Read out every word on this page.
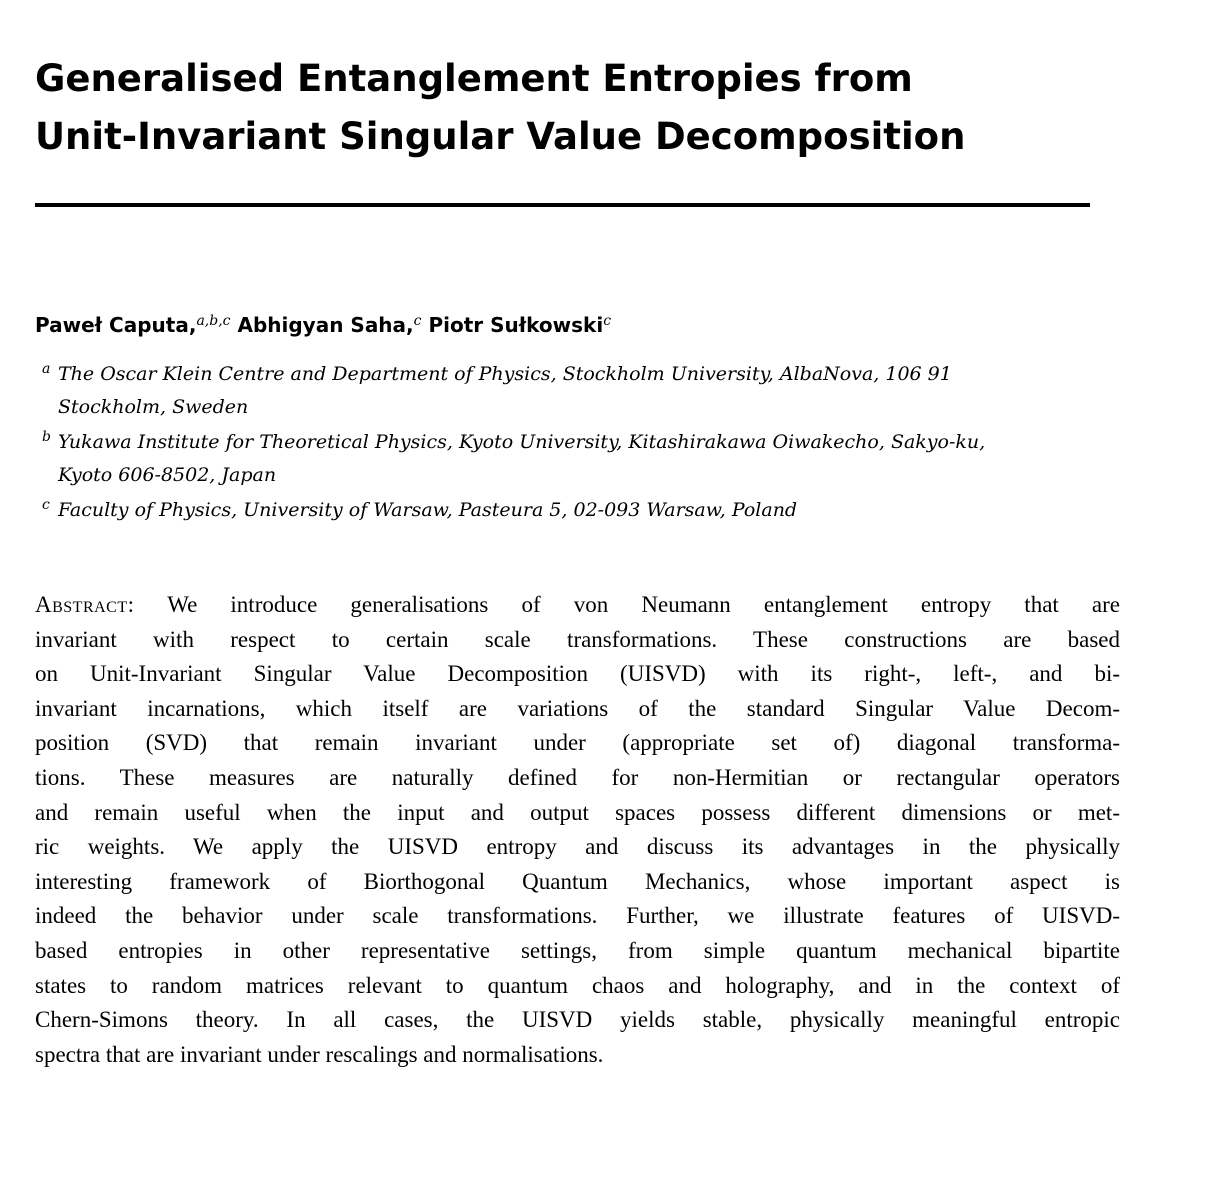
Generalised Entanglement Entropies from
Unit-Invariant Singular Value Decomposition
Paweł Caputa,$^{a,b,c}$ Abhigyan Saha,$^c$ Piotr Sułkowski$^c$
a The Oscar Klein Centre and Department of Physics, Stockholm University, AlbaNova, 106 91
Stockholm, Sweden
b Yukawa Institute for Theoretical Physics, Kyoto University, Kitashirakawa Oiwakecho, Sakyo-ku,
Kyoto 606-8502, Japan
c Faculty of Physics, University of Warsaw, Pasteura 5, 02-093 Warsaw, Poland
Abstract: We introduce generalisations of von Neumann entanglement entropy that are
invariant with respect to certain scale transformations. These constructions are based
on Unit-Invariant Singular Value Decomposition (UISVD) with its right-, left-, and bi-
invariant incarnations, which itself are variations of the standard Singular Value Decom-
position (SVD) that remain invariant under (appropriate set of) diagonal transforma-
tions. These measures are naturally defined for non-Hermitian or rectangular operators
and remain useful when the input and output spaces possess different dimensions or met-
ric weights. We apply the UISVD entropy and discuss its advantages in the physically
interesting framework of Biorthogonal Quantum Mechanics, whose important aspect is
indeed the behavior under scale transformations. Further, we illustrate features of UISVD-
based entropies in other representative settings, from simple quantum mechanical bipartite
states to random matrices relevant to quantum chaos and holography, and in the context of
Chern-Simons theory. In all cases, the UISVD yields stable, physically meaningful entropic
spectra that are invariant under rescalings and normalisations.
